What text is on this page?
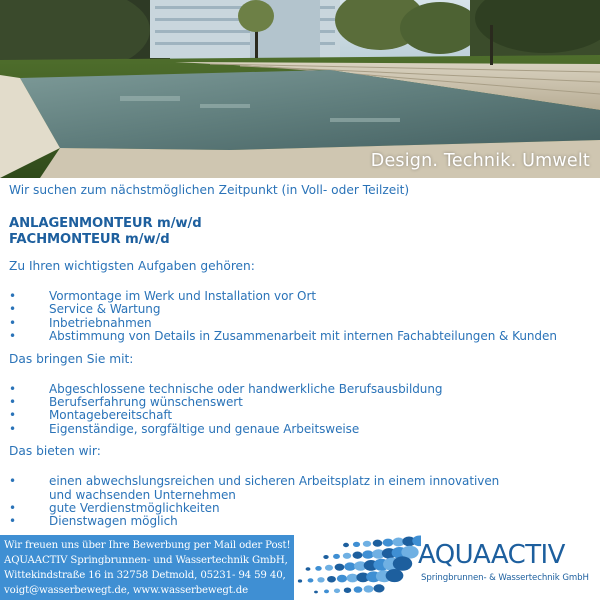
Design. Technik. Umwelt
Wir suchen zum nächstmöglichen Zeitpunkt (in Voll- oder Teilzeit)
ANLAGENMONTEUR m/w/d
FACHMONTEUR m/w/d
Zu Ihren wichtigsten Aufgaben gehören:
•	Vormontage im Werk und Installation vor Ort
•	Service & Wartung
•	Inbetriebnahmen
•	Abstimmung von Details in Zusammenarbeit mit internen Fachabteilungen & Kunden
Das bringen Sie mit:
•	Abgeschlossene technische oder handwerkliche Berufsausbildung
•	Berufserfahrung wünschenswert
•	Montagebereitschaft
•	Eigenständige, sorgfältige und genaue Arbeitsweise
Das bieten wir:
•	einen abwechslungsreichen und sicheren Arbeitsplatz in einem innovativen
und wachsenden Unternehmen
•	gute Verdienstmöglichkeiten
•	Dienstwagen möglich
Wir freuen uns über Ihre Bewerbung per Mail oder Post!
AQUAACTIV Springbrunnen- und Wassertechnik GmbH,
Wittekindstraße 16 in 32758 Detmold, 05231- 94 59 40,
voigt@wasserbewegt.de, www.wasserbewegt.de
AQUAACTIV
Springbrunnen- & Wassertechnik GmbH
